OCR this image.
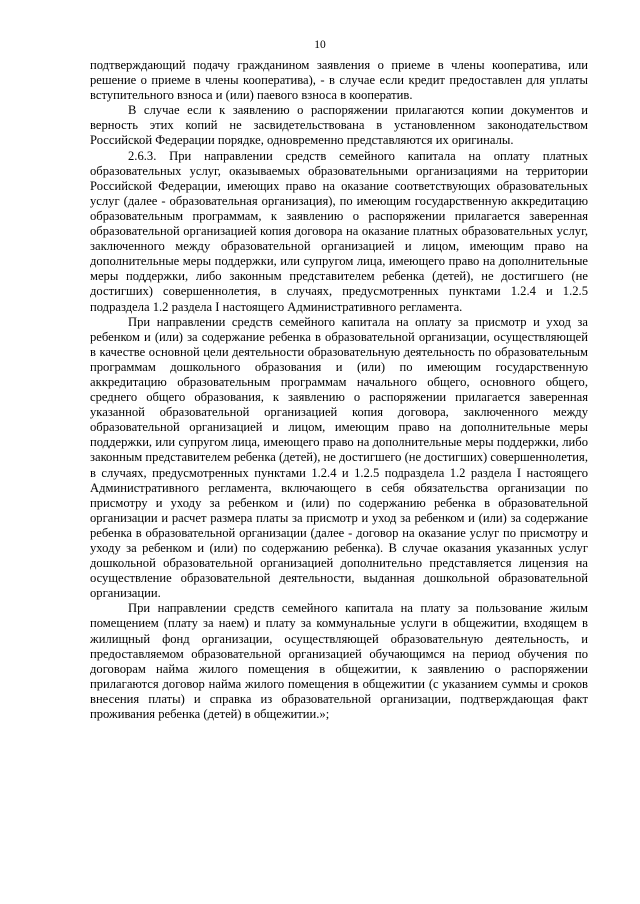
10

подтверждающий подачу гражданином заявления о приеме в члены кооператива, или решение о приеме в члены кооператива), - в случае если кредит предоставлен для уплаты вступительного взноса и (или) паевого взноса в кооператив.

В случае если к заявлению о распоряжении прилагаются копии документов и верность этих копий не засвидетельствована в установленном законодательством Российской Федерации порядке, одновременно представляются их оригиналы.

2.6.3. При направлении средств семейного капитала на оплату платных образовательных услуг, оказываемых образовательными организациями на территории Российской Федерации, имеющих право на оказание соответствующих образовательных услуг (далее - образовательная организация), по имеющим государственную аккредитацию образовательным программам, к заявлению о распоряжении прилагается заверенная образовательной организацией копия договора на оказание платных образовательных услуг, заключенного между образовательной организацией и лицом, имеющим право на дополнительные меры поддержки, или супругом лица, имеющего право на дополнительные меры поддержки, либо законным представителем ребенка (детей), не достигшего (не достигших) совершеннолетия, в случаях, предусмотренных пунктами 1.2.4 и 1.2.5 подраздела 1.2 раздела I настоящего Административного регламента.

При направлении средств семейного капитала на оплату за присмотр и уход за ребенком и (или) за содержание ребенка в образовательной организации, осуществляющей в качестве основной цели деятельности образовательную деятельность по образовательным программам дошкольного образования и (или) по имеющим государственную аккредитацию образовательным программам начального общего, основного общего, среднего общего образования, к заявлению о распоряжении прилагается заверенная указанной образовательной организацией копия договора, заключенного между образовательной организацией и лицом, имеющим право на дополнительные меры поддержки, или супругом лица, имеющего право на дополнительные меры поддержки, либо законным представителем ребенка (детей), не достигшего (не достигших) совершеннолетия, в случаях, предусмотренных пунктами 1.2.4 и 1.2.5 подраздела 1.2 раздела I настоящего Административного регламента, включающего в себя обязательства организации по присмотру и уходу за ребенком и (или) по содержанию ребенка в образовательной организации и расчет размера платы за присмотр и уход за ребенком и (или) за содержание ребенка в образовательной организации (далее - договор на оказание услуг по присмотру и уходу за ребенком и (или) по содержанию ребенка). В случае оказания указанных услуг дошкольной образовательной организацией дополнительно представляется лицензия на осуществление образовательной деятельности, выданная дошкольной образовательной организации.

При направлении средств семейного капитала на плату за пользование жилым помещением (плату за наем) и плату за коммунальные услуги в общежитии, входящем в жилищный фонд организации, осуществляющей образовательную деятельность, и предоставляемом образовательной организацией обучающимся на период обучения по договорам найма жилого помещения в общежитии, к заявлению о распоряжении прилагаются договор найма жилого помещения в общежитии (с указанием суммы и сроков внесения платы) и справка из образовательной организации, подтверждающая факт проживания ребенка (детей) в общежитии.»;
